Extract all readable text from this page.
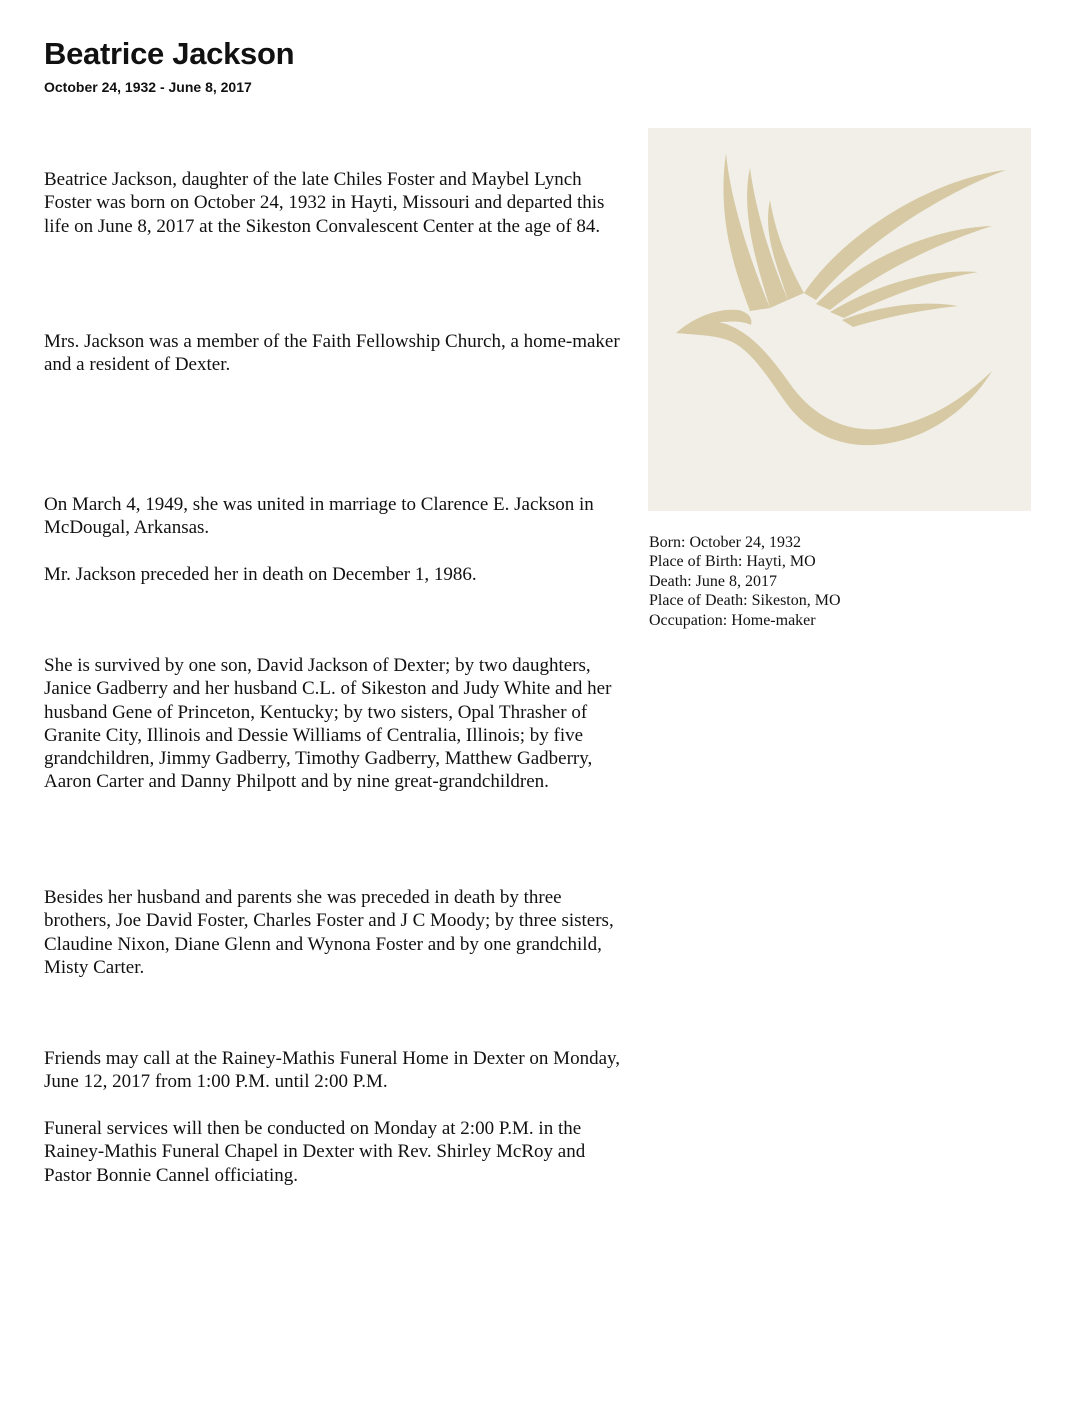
Beatrice Jackson
October 24, 1932 - June 8, 2017

Beatrice Jackson, daughter of the late Chiles Foster and Maybel Lynch Foster was born on October 24, 1932 in Hayti, Missouri and departed this life on June 8, 2017 at the Sikeston Convalescent Center at the age of 84.

Mrs. Jackson was a member of the Faith Fellowship Church, a home-maker and a resident of Dexter.

On March 4, 1949, she was united in marriage to Clarence E. Jackson in McDougal, Arkansas.

Mr. Jackson preceded her in death on December 1, 1986.

She is survived by one son, David Jackson of Dexter; by two daughters, Janice Gadberry and her husband C.L. of Sikeston and Judy White and her husband Gene of Princeton, Kentucky; by two sisters, Opal Thrasher of Granite City, Illinois and Dessie Williams of Centralia, Illinois; by five grandchildren, Jimmy Gadberry, Timothy Gadberry, Matthew Gadberry, Aaron Carter and Danny Philpott and by nine great-grandchildren.

Besides her husband and parents she was preceded in death by three brothers, Joe David Foster, Charles Foster and J C Moody; by three sisters, Claudine Nixon, Diane Glenn and Wynona Foster and by one grandchild, Misty Carter.

Friends may call at the Rainey-Mathis Funeral Home in Dexter on Monday, June 12, 2017 from 1:00 P.M. until 2:00 P.M.

Funeral services will then be conducted on Monday at 2:00 P.M. in the Rainey-Mathis Funeral Chapel in Dexter with Rev. Shirley McRoy and Pastor Bonnie Cannel officiating.

Born: October 24, 1932
Place of Birth: Hayti, MO
Death: June 8, 2017
Place of Death: Sikeston, MO
Occupation: Home-maker
